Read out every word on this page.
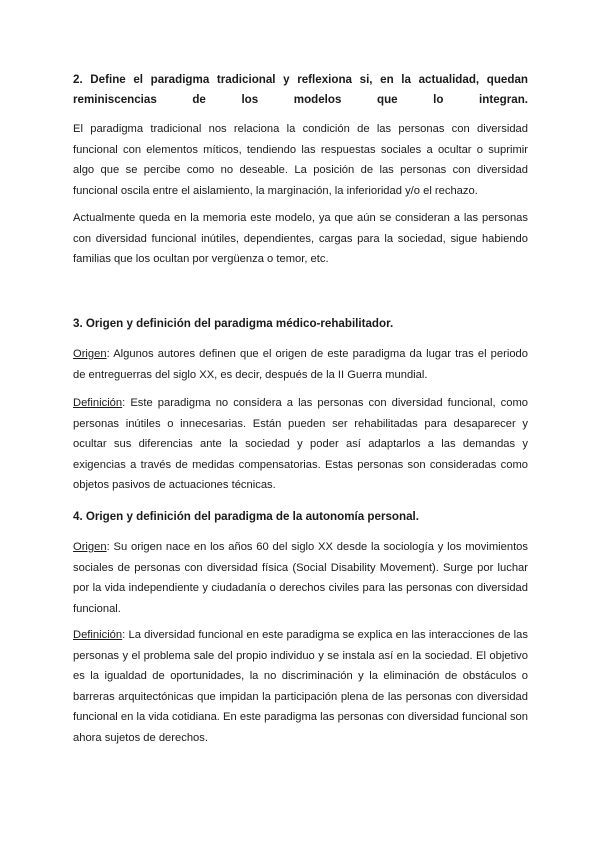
2. Define el paradigma tradicional y reflexiona si, en la actualidad, quedan reminiscencias de los modelos que lo integran.

El paradigma tradicional nos relaciona la condición de las personas con diversidad funcional con elementos míticos, tendiendo las respuestas sociales a ocultar o suprimir algo que se percibe como no deseable. La posición de las personas con diversidad funcional oscila entre el aislamiento, la marginación, la inferioridad y/o el rechazo.

Actualmente queda en la memoria este modelo, ya que aún se consideran a las personas con diversidad funcional inútiles, dependientes, cargas para la sociedad, sigue habiendo familias que los ocultan por vergüenza o temor, etc.

3. Origen y definición del paradigma médico-rehabilitador.

Origen: Algunos autores definen que el origen de este paradigma da lugar tras el periodo de entreguerras del siglo XX, es decir, después de la II Guerra mundial.

Definición: Este paradigma no considera a las personas con diversidad funcional, como personas inútiles o innecesarias. Están pueden ser rehabilitadas para desaparecer y ocultar sus diferencias ante la sociedad y poder así adaptarlos a las demandas y exigencias a través de medidas compensatorias. Estas personas son consideradas como objetos pasivos de actuaciones técnicas.

4. Origen y definición del paradigma de la autonomía personal.

Origen: Su origen nace en los años 60 del siglo XX desde la sociología y los movimientos sociales de personas con diversidad física (Social Disability Movement). Surge por luchar por la vida independiente y ciudadanía o derechos civiles para las personas con diversidad funcional.

Definición: La diversidad funcional en este paradigma se explica en las interacciones de las personas y el problema sale del propio individuo y se instala así en la sociedad. El objetivo es la igualdad de oportunidades, la no discriminación y la eliminación de obstáculos o barreras arquitectónicas que impidan la participación plena de las personas con diversidad funcional en la vida cotidiana. En este paradigma las personas con diversidad funcional son ahora sujetos de derechos.
